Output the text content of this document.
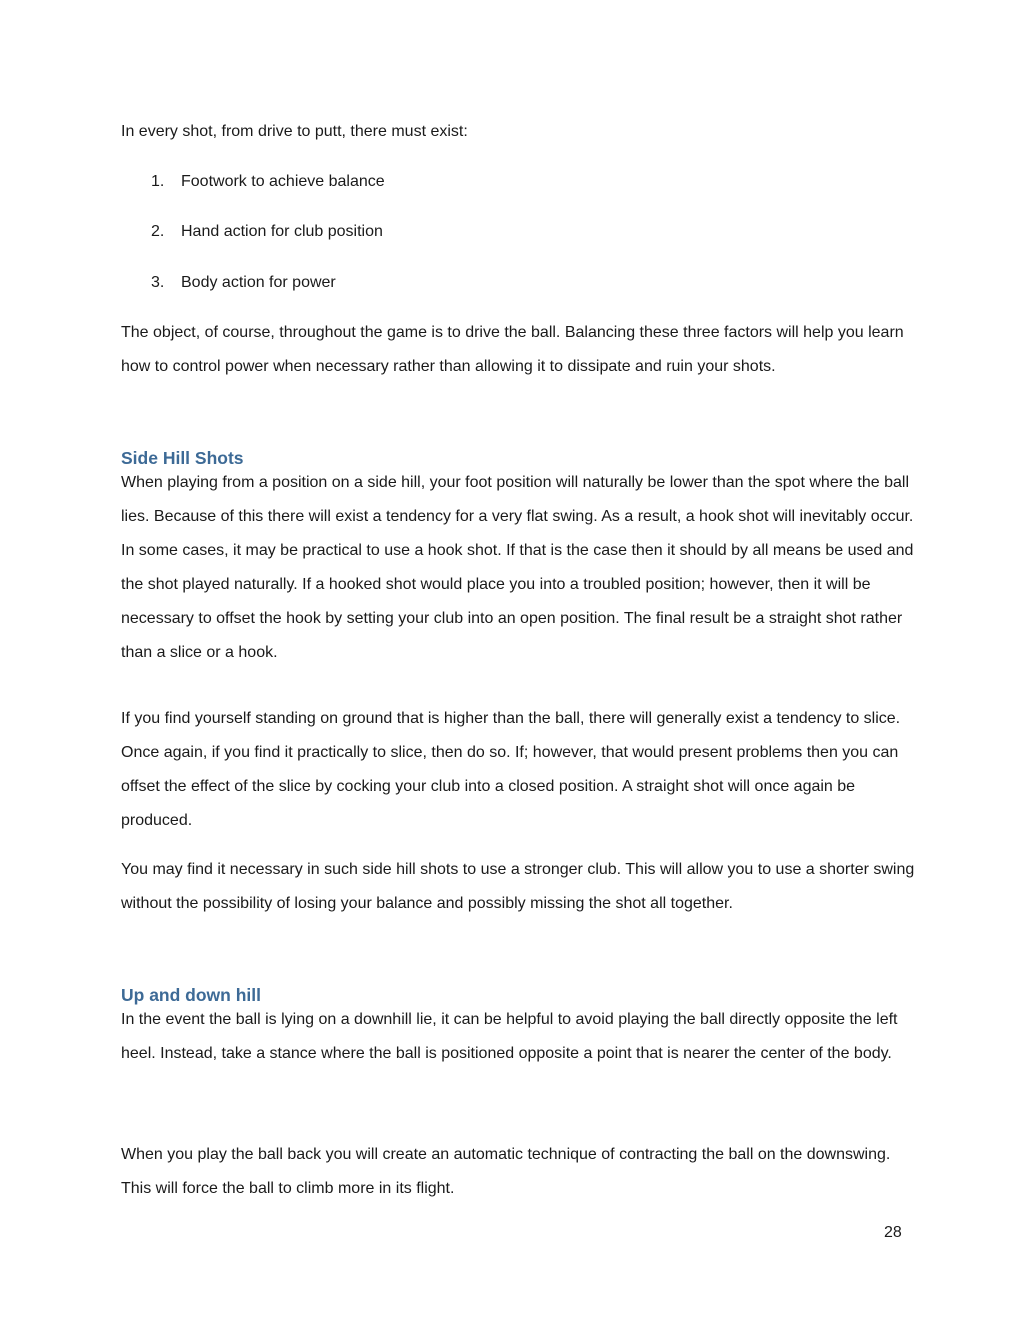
In every shot, from drive to putt, there must exist:

1. Footwork to achieve balance
2. Hand action for club position
3. Body action for power

The object, of course, throughout the game is to drive the ball. Balancing these three factors will help you learn how to control power when necessary rather than allowing it to dissipate and ruin your shots.

Side Hill Shots

When playing from a position on a side hill, your foot position will naturally be lower than the spot where the ball lies. Because of this there will exist a tendency for a very flat swing. As a result, a hook shot will inevitably occur. In some cases, it may be practical to use a hook shot. If that is the case then it should by all means be used and the shot played naturally. If a hooked shot would place you into a troubled position; however, then it will be necessary to offset the hook by setting your club into an open position. The final result be a straight shot rather than a slice or a hook.

If you find yourself standing on ground that is higher than the ball, there will generally exist a tendency to slice. Once again, if you find it practically to slice, then do so. If; however, that would present problems then you can offset the effect of the slice by cocking your club into a closed position. A straight shot will once again be produced.

You may find it necessary in such side hill shots to use a stronger club. This will allow you to use a shorter swing without the possibility of losing your balance and possibly missing the shot all together.

Up and down hill

In the event the ball is lying on a downhill lie, it can be helpful to avoid playing the ball directly opposite the left heel. Instead, take a stance where the ball is positioned opposite a point that is nearer the center of the body.

When you play the ball back you will create an automatic technique of contracting the ball on the downswing. This will force the ball to climb more in its flight.

28
